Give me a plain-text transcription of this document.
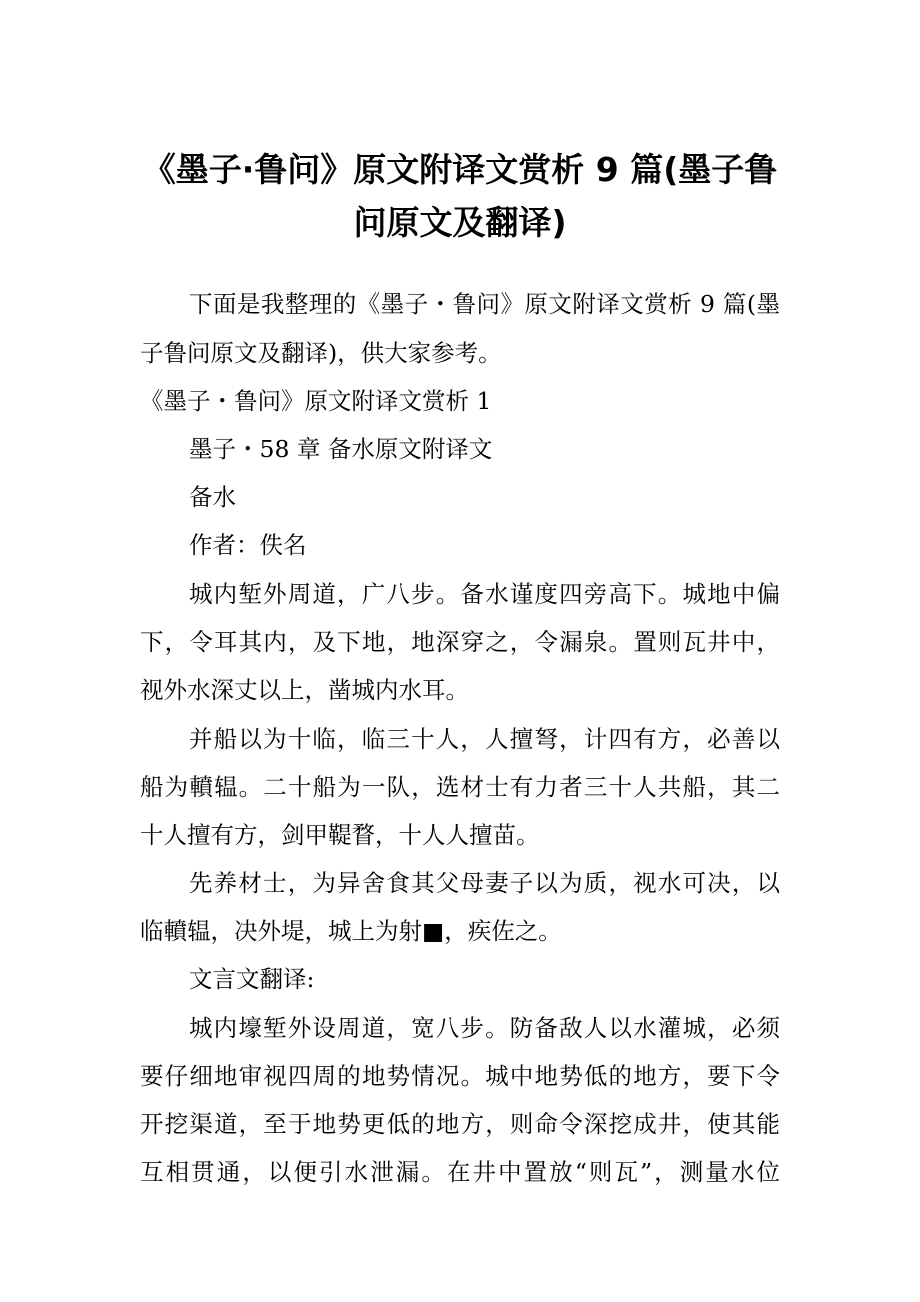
《墨子·鲁问》原文附译文赏析 9 篇(墨子鲁
问原文及翻译)
下面是我整理的《墨子・鲁问》原文附译文赏析 9 篇(墨
子鲁问原文及翻译)，供大家参考。
《墨子・鲁问》原文附译文赏析 1
墨子・58 章 备水原文附译文
备水
作者：佚名
城内堑外周道，广八步。备水谨度四旁高下。城地中偏
下，令耳其内，及下地，地深穿之，令漏泉。置则瓦井中，
视外水深丈以上，凿城内水耳。
并船以为十临，临三十人，人擅弩，计四有方，必善以
船为轒辒。二十船为一队，选材士有力者三十人共船，其二
十人擅有方，剑甲鞮瞀，十人人擅苗。
先养材士，为异舍食其父母妻子以为质，视水可决，以
临轒辒，决外堤，城上为射■，疾佐之。
文言文翻译:
城内壕堑外设周道，宽八步。防备敌人以水灌城，必须
要仔细地审视四周的地势情况。城中地势低的地方，要下令
开挖渠道，至于地势更低的地方，则命令深挖成井，使其能
互相贯通，以便引水泄漏。在井中置放“则瓦”，测量水位
